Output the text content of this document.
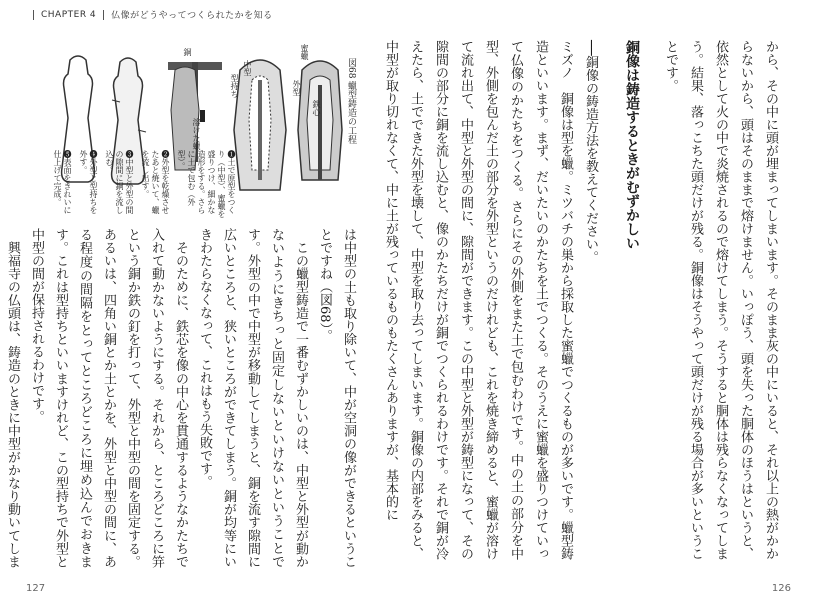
CHAPTER 4 仏像がどうやってつくられたかを知る

から、その中に頭が埋まってしまいます。そのまま灰の中にいると、それ以上の熱がかからないから、頭はそのままで熔けません。いっぽう、頭を失った胴体のほうはというと、依然として火の中で炎焼されるので熔けてしまう。そうすると胴体は残らなくなってしまう。結果、落っこちた頭だけが残る。銅像はそうやって頭だけが残る場合が多いということです。

銅像は鋳造するときがむずかしい

──銅像の鋳造方法を教えてください。

ミズノ　銅像は型を蠟。ミツバチの巣から採取した蜜蠟でつくるものが多いです。蠟型鋳造といいます。まず、だいたいのかたちを土でつくる。そのうえに蜜蠟を盛りつけていって仏像のかたちをつくる。さらにその外側をまた土で包むわけです。中の土の部分を中型、外側を包んだ土の部分を外型というのだけれども、これを焼き締めると、蜜蠟が溶けて流れ出て、中型と外型の間に、隙間ができます。この中型と外型が鋳型になって、その隙間の部分に銅を流し込むと、像のかたちだけが銅でつくられるわけです。それで銅が冷えたら、土でできた外型を壊して、中型を取り去ってしまいます。銅像の内部をみると、中型が取り切れなくて、中に土が残っているものもたくさんありますが、基本的に

銅
中型
型持ち
溶けた蠟
蜜蠟
外型
鉄心
図68 蠟型鋳造の工程
❶土で原型をつくり（中型）、蜜蠟を盛りつけ、細かな造形をする。さらに土で包む（外型）。
❷外型を乾燥させたあと焼いて、蠟を流し出す。
❸中型と外型の間の隙間に銅を流し込む。
❹外型と型持ちを外す。
❺表面をきれいに仕上げて完成。

は中型の土も取り除いて、中が空洞の像ができるということですね（図68）。

この蠟型鋳造で一番むずかしいのは、中型と外型が動かないようにきちっと固定しないといけないということです。外型の中で中型が移動してしまうと、銅を流す隙間に広いところと、狭いところができてしまう。銅が均等にいきわたらなくなって、これはもう失敗です。

そのために、鉄芯を像の中心を貫通するようなかたちで入れて動かないようにする。それから、ところどころに笄という銅か鉄の釘を打って、外型と中型の間を固定する。あるいは、四角い銅とか土とかを、外型と中型の間に、ある程度の間隔をとってところどころに埋め込んでおきます。これは型持ちといいますけれど、この型持ちで外型と中型の間が保持されるわけです。

興福寺の仏頭は、鋳造のときに中型がかなり動いてしま

127	126
